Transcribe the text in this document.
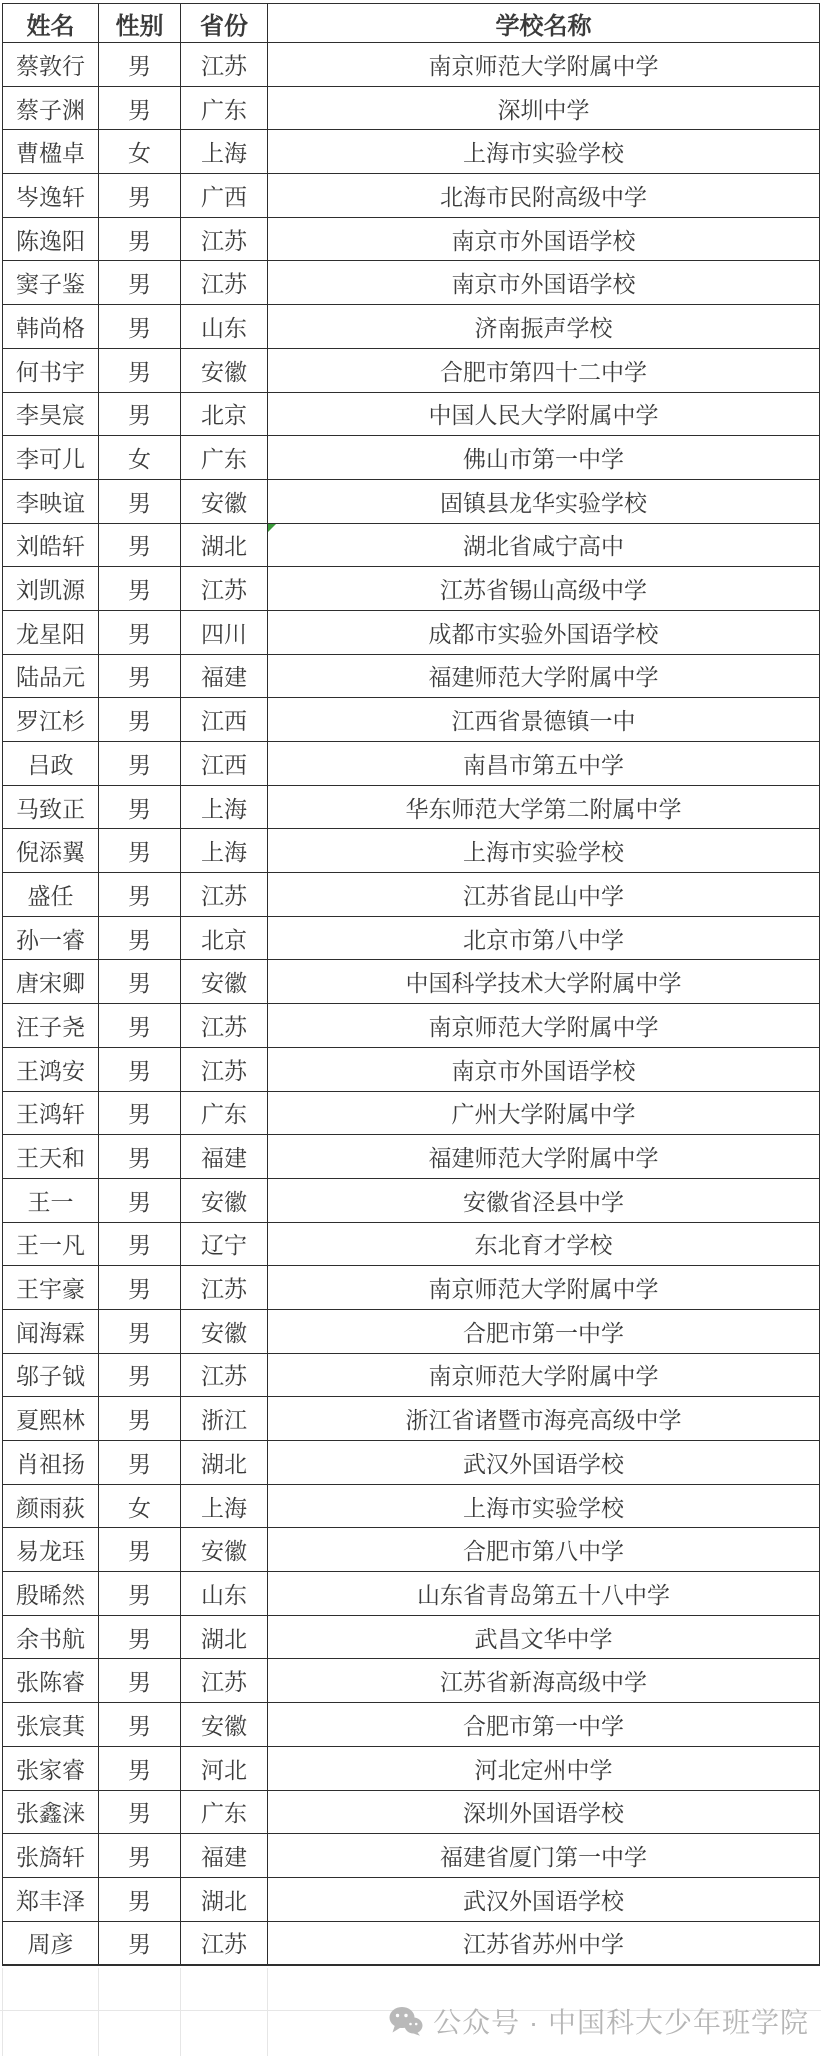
姓名	性别	省份	学校名称
蔡敦行	男	江苏	南京师范大学附属中学
蔡子渊	男	广东	深圳中学
曹楹卓	女	上海	上海市实验学校
岑逸轩	男	广西	北海市民附高级中学
陈逸阳	男	江苏	南京市外国语学校
窦子鉴	男	江苏	南京市外国语学校
韩尚格	男	山东	济南振声学校
何书宇	男	安徽	合肥市第四十二中学
李昊宸	男	北京	中国人民大学附属中学
李可儿	女	广东	佛山市第一中学
李映谊	男	安徽	固镇县龙华实验学校
刘皓轩	男	湖北	湖北省咸宁高中

刘凯源	男	江苏	江苏省锡山高级中学
龙星阳	男	四川	成都市实验外国语学校
陆品元	男	福建	福建师范大学附属中学
罗江杉	男	江西	江西省景德镇一中
吕政	男	江西	南昌市第五中学
马致正	男	上海	华东师范大学第二附属中学
倪添翼	男	上海	上海市实验学校
盛任	男	江苏	江苏省昆山中学
孙一睿	男	北京	北京市第八中学
唐宋卿	男	安徽	中国科学技术大学附属中学
汪子尧	男	江苏	南京师范大学附属中学
王鸿安	男	江苏	南京市外国语学校
王鸿轩	男	广东	广州大学附属中学
王天和	男	福建	福建师范大学附属中学
王一	男	安徽	安徽省泾县中学
王一凡	男	辽宁	东北育才学校
王宇豪	男	江苏	南京师范大学附属中学
闻海霖	男	安徽	合肥市第一中学
邬子钺	男	江苏	南京师范大学附属中学
夏熙林	男	浙江	浙江省诸暨市海亮高级中学
肖祖扬	男	湖北	武汉外国语学校
颜雨荻	女	上海	上海市实验学校
易龙珏	男	安徽	合肥市第八中学
殷晞然	男	山东	山东省青岛第五十八中学
余书航	男	湖北	武昌文华中学
张陈睿	男	江苏	江苏省新海高级中学
张宸萁	男	安徽	合肥市第一中学
张家睿	男	河北	河北定州中学
张鑫涞	男	广东	深圳外国语学校
张旖轩	男	福建	福建省厦门第一中学
郑丰泽	男	湖北	武汉外国语学校
周彦	男	江苏	江苏省苏州中学
公众号 · 中国科大少年班学院
